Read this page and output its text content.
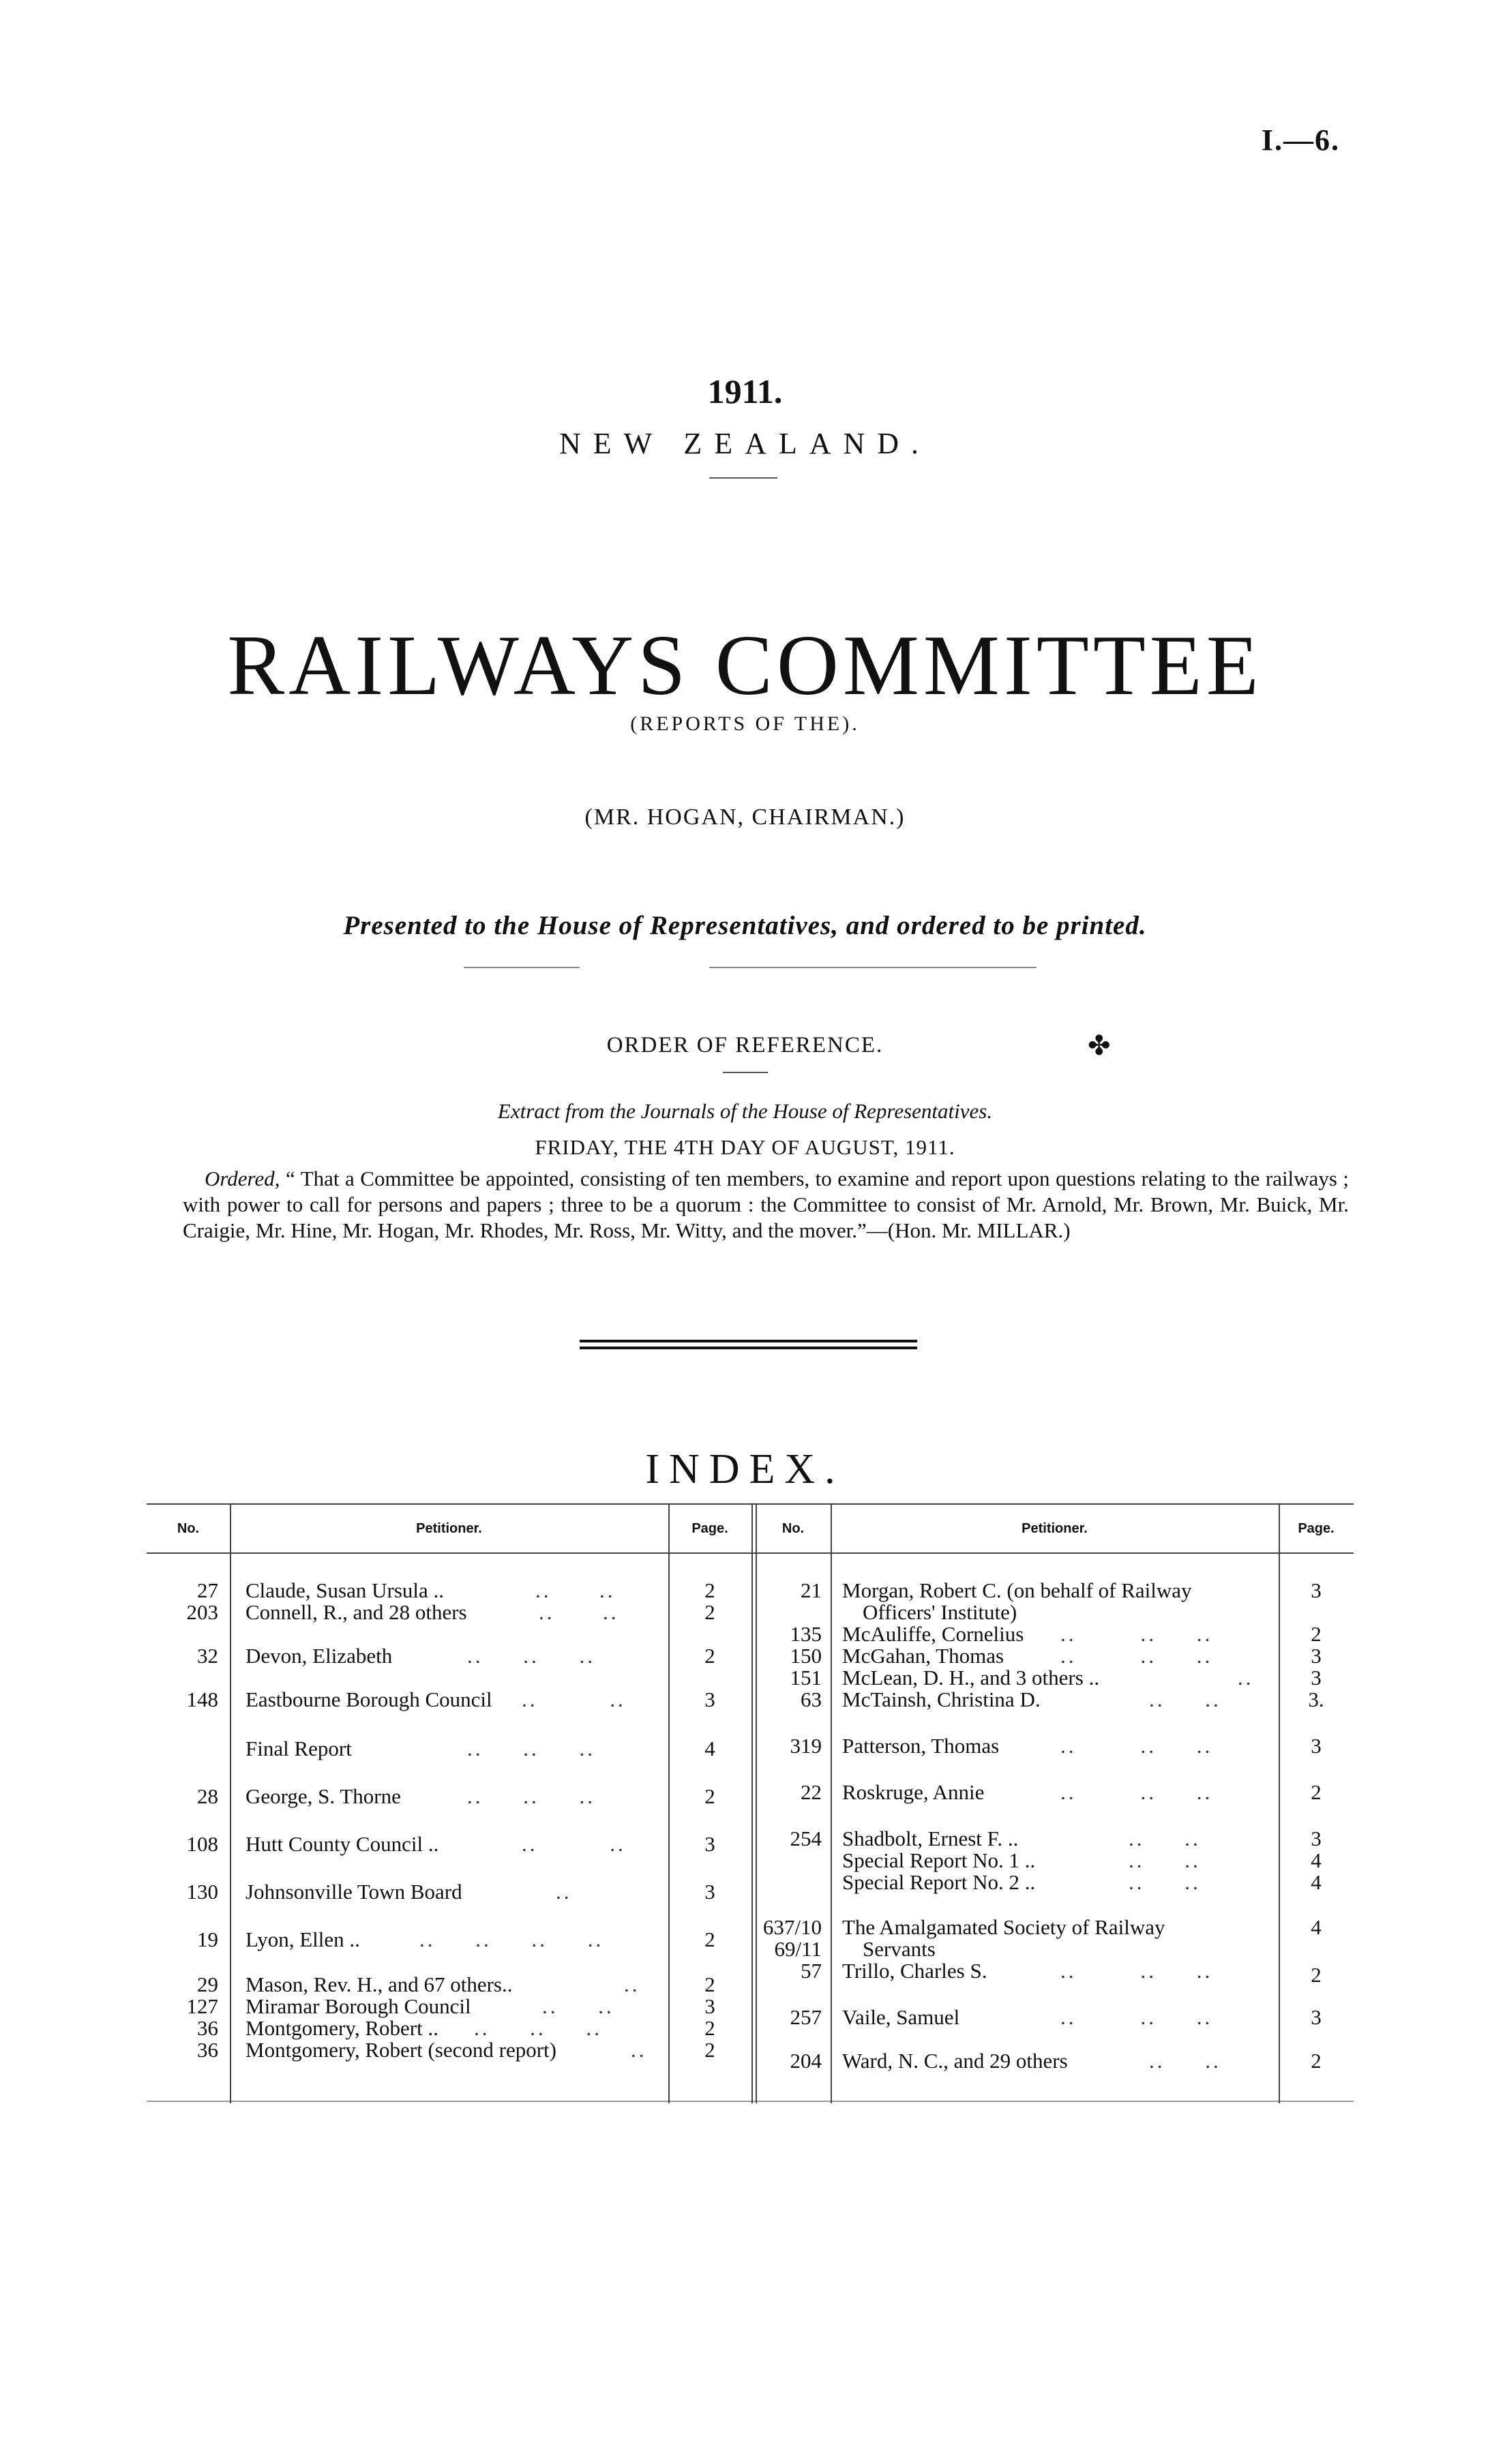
I.—6.
1911.
NEW ZEALAND.
RAILWAYS COMMITTEE
(REPORTS OF THE).
(MR. HOGAN, CHAIRMAN.)
Presented to the House of Representatives, and ordered to be printed.
ORDER OF REFERENCE.	✤
Extract from the Journals of the House of Representatives.
FRIDAY, THE 4TH DAY OF AUGUST, 1911.
Ordered, “ That a Committee be appointed, consisting of ten members, to examine and report upon questions relating to the railways ; with power to call for persons and papers ; three to be a quorum : the Committee to consist of Mr. Arnold, Mr. Brown, Mr. Buick, Mr. Craigie, Mr. Hine, Mr. Hogan, Mr. Rhodes, Mr. Ross, Mr. Witty, and the mover.”—(Hon. Mr. MILLAR.)
INDEX.
No.	Petitioner.	Page.	No.	Petitioner.	Page.
27 Claude, Susan Ursula ..	..      ..	2
203 Connell, R., and 28 others	..      ..	2
32 Devon, Elizabeth	..     ..     ..	2
148 Eastbourne Borough Council ..         ..	3
Final Report	..     ..     ..	4
28 George, S. Thorne	..     ..     ..	2
108 Hutt County Council ..	..         ..	3
130 Johnsonville Town Board	..	3
19 Lyon, Ellen ..	..     ..     ..     ..	2
29 Mason, Rev. H., and 67 others..	..	2
127 Miramar Borough Council	..     ..	3
36 Montgomery, Robert .. ..     ..     ..	2
36 Montgomery, Robert (second report)	..	2
21 Morgan, Robert C. (on behalf of Railway	3
Officers' Institute)
135 McAuliffe, Cornelius ..        ..     ..	2
150 McGahan, Thomas	..        ..     ..	3
151 McLean, D. H., and 3 others ..	..	3
63 McTainsh, Christina D.	..     ..	3.
319 Patterson, Thomas	..        ..     ..	3
22 Roskruge, Annie	..        ..     ..	2
254 Shadbolt, Ernest F. ..	..     ..	3
Special Report No. 1 ..	..     ..	4
Special Report No. 2 ..	..     ..	4
637/10 The Amalgamated Society of Railway	4
69/11 Servants
57 Trillo, Charles S.	..        ..     ..	2
257 Vaile, Samuel	..        ..     ..	3
204 Ward, N. C., and 29 others	..     ..	2
